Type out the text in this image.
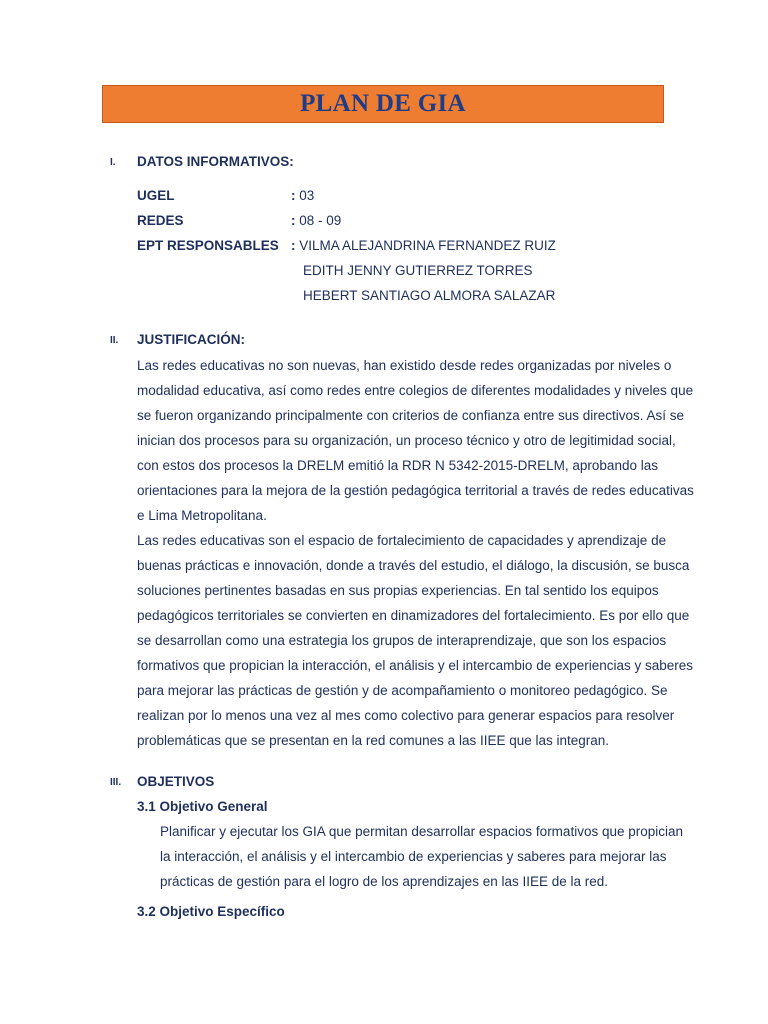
PLAN DE GIA
I. DATOS INFORMATIVOS:
UGEL	: 03
REDES	: 08 - 09
EPT RESPONSABLES : VILMA ALEJANDRINA FERNANDEZ RUIZ
EDITH JENNY GUTIERREZ TORRES
HEBERT SANTIAGO ALMORA SALAZAR
II. JUSTIFICACIÓN:
Las redes educativas no son nuevas, han existido desde redes organizadas por niveles o
modalidad educativa, así como redes entre colegios de diferentes modalidades y niveles que
se fueron organizando principalmente con criterios de confianza entre sus directivos. Así se
inician dos procesos para su organización, un proceso técnico y otro de legitimidad social,
con estos dos procesos la DRELM emitió la RDR N 5342-2015-DRELM, aprobando las
orientaciones para la mejora de la gestión pedagógica territorial a través de redes educativas
e Lima Metropolitana.
Las redes educativas son el espacio de fortalecimiento de capacidades y aprendizaje de
buenas prácticas e innovación, donde a través del estudio, el diálogo, la discusión, se busca
soluciones pertinentes basadas en sus propias experiencias. En tal sentido los equipos
pedagógicos territoriales se convierten en dinamizadores del fortalecimiento. Es por ello que
se desarrollan como una estrategia los grupos de interaprendizaje, que son los espacios
formativos que propician la interacción, el análisis y el intercambio de experiencias y saberes
para mejorar las prácticas de gestión y de acompañamiento o monitoreo pedagógico. Se
realizan por lo menos una vez al mes como colectivo para generar espacios para resolver
problemáticas que se presentan en la red comunes a las IIEE que las integran.
III. OBJETIVOS
3.1 Objetivo General
Planificar y ejecutar los GIA que permitan desarrollar espacios formativos que propician
la interacción, el análisis y el intercambio de experiencias y saberes para mejorar las
prácticas de gestión para el logro de los aprendizajes en las IIEE de la red.
3.2 Objetivo Específico
